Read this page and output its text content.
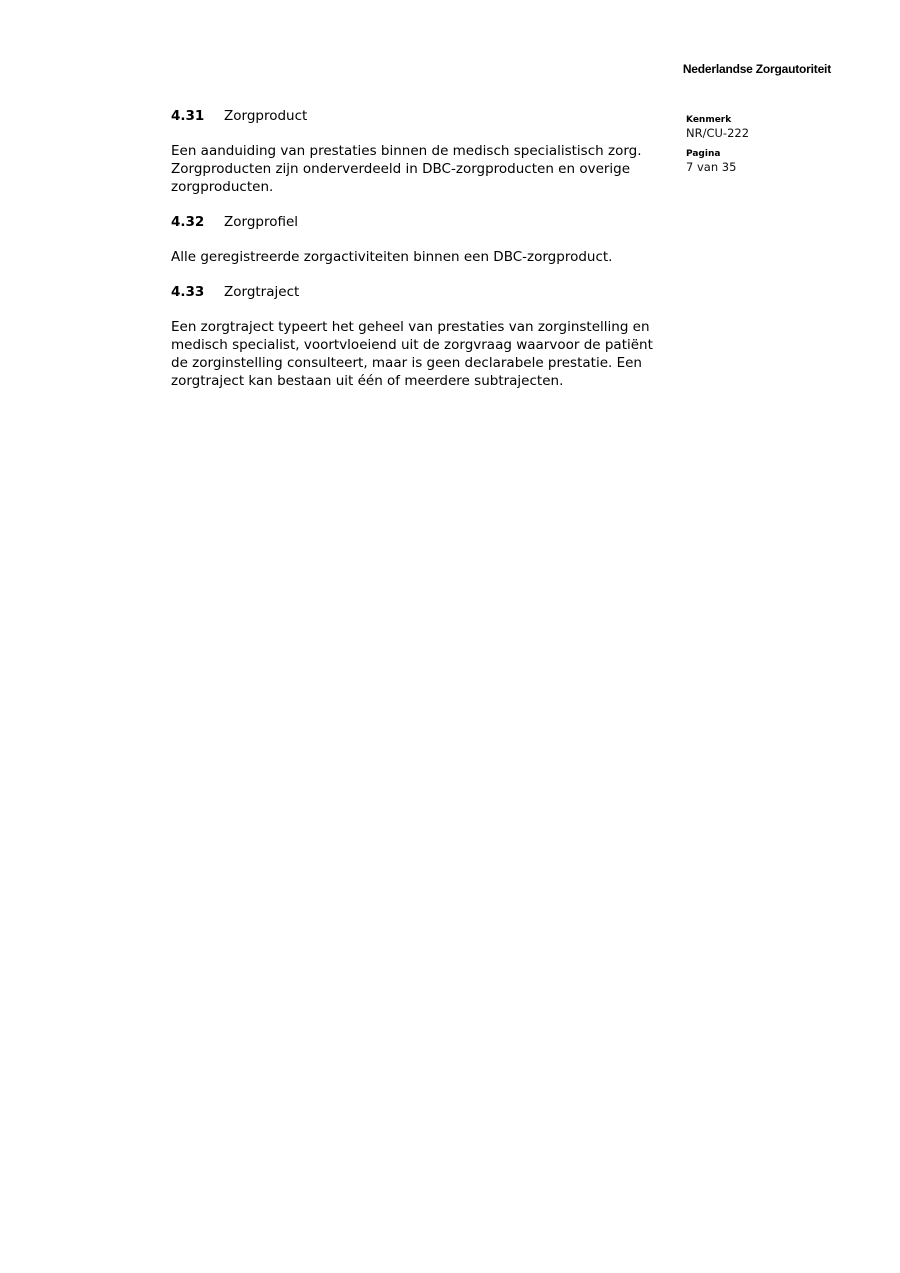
Nederlandse Zorgautoriteit
Kenmerk
NR/CU-222
Pagina
7 van 35
4.31	Zorgproduct
Een aanduiding van prestaties binnen de medisch specialistisch zorg.
Zorgproducten zijn onderverdeeld in DBC-zorgproducten en overige
zorgproducten.
4.32	Zorgprofiel
Alle geregistreerde zorgactiviteiten binnen een DBC-zorgproduct.
4.33	Zorgtraject
Een zorgtraject typeert het geheel van prestaties van zorginstelling en
medisch specialist, voortvloeiend uit de zorgvraag waarvoor de patiënt
de zorginstelling consulteert, maar is geen declarabele prestatie. Een
zorgtraject kan bestaan uit één of meerdere subtrajecten.
